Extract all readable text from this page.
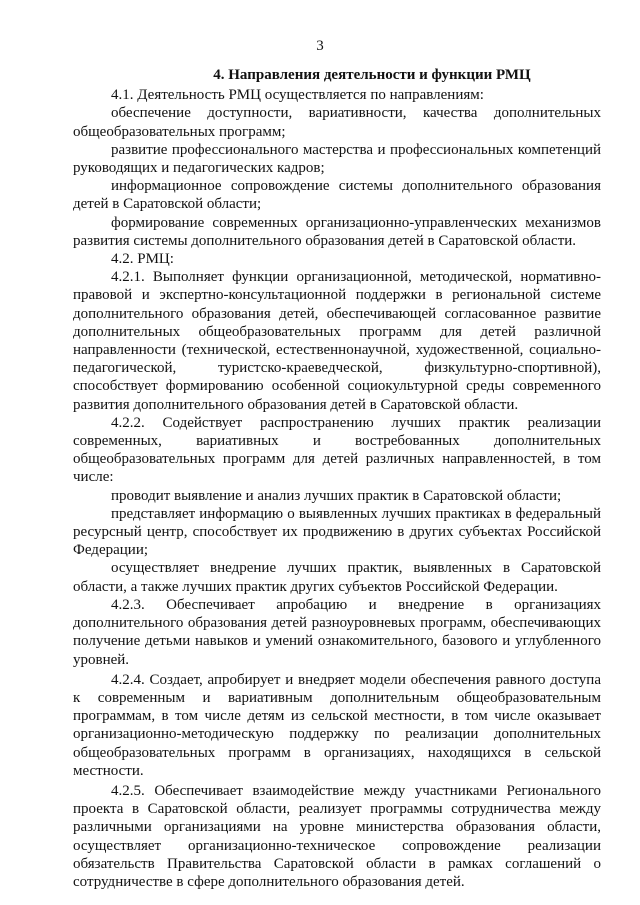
3
4. Направления деятельности и функции РМЦ

4.1. Деятельность РМЦ осуществляется по направлениям:

обеспечение доступности, вариативности, качества дополнительных общеобразовательных программ;

развитие профессионального мастерства и профессиональных компетенций руководящих и педагогических кадров;

информационное сопровождение системы дополнительного образования детей в Саратовской области;

формирование современных организационно-управленческих механизмов развития системы дополнительного образования детей в Саратовской области.

4.2. РМЦ:

4.2.1. Выполняет функции организационной, методической, нормативно-правовой и экспертно-консультационной поддержки в региональной системе дополнительного образования детей, обеспечивающей согласованное развитие дополнительных общеобразовательных программ для детей различной направленности (технической, естественнонаучной, художественной, социально-педагогической, туристско-краеведческой, физкультурно-спортивной), способствует формированию особенной социокультурной среды современного развития дополнительного образования детей в Саратовской области.

4.2.2. Содействует распространению лучших практик реализации современных, вариативных и востребованных дополнительных общеобразовательных программ для детей различных направленностей, в том числе:

проводит выявление и анализ лучших практик в Саратовской области;

представляет информацию о выявленных лучших практиках в федеральный ресурсный центр, способствует их продвижению в других субъектах Российской Федерации;

осуществляет внедрение лучших практик, выявленных в Саратовской области, а также лучших практик других субъектов Российской Федерации.

4.2.3. Обеспечивает апробацию и внедрение в организациях дополнительного образования детей разноуровневых программ, обеспечивающих получение детьми навыков и умений ознакомительного, базового и углубленного уровней.

4.2.4. Создает, апробирует и внедряет модели обеспечения равного доступа к современным и вариативным дополнительным общеобразовательным программам, в том числе детям из сельской местности, в том числе оказывает организационно-методическую поддержку по реализации дополнительных общеобразовательных программ в организациях, находящихся в сельской местности.

4.2.5. Обеспечивает взаимодействие между участниками Регионального проекта в Саратовской области, реализует программы сотрудничества между различными организациями на уровне министерства образования области, осуществляет организационно-техническое сопровождение реализации обязательств Правительства Саратовской области в рамках соглашений о сотрудничестве в сфере дополнительного образования детей.
